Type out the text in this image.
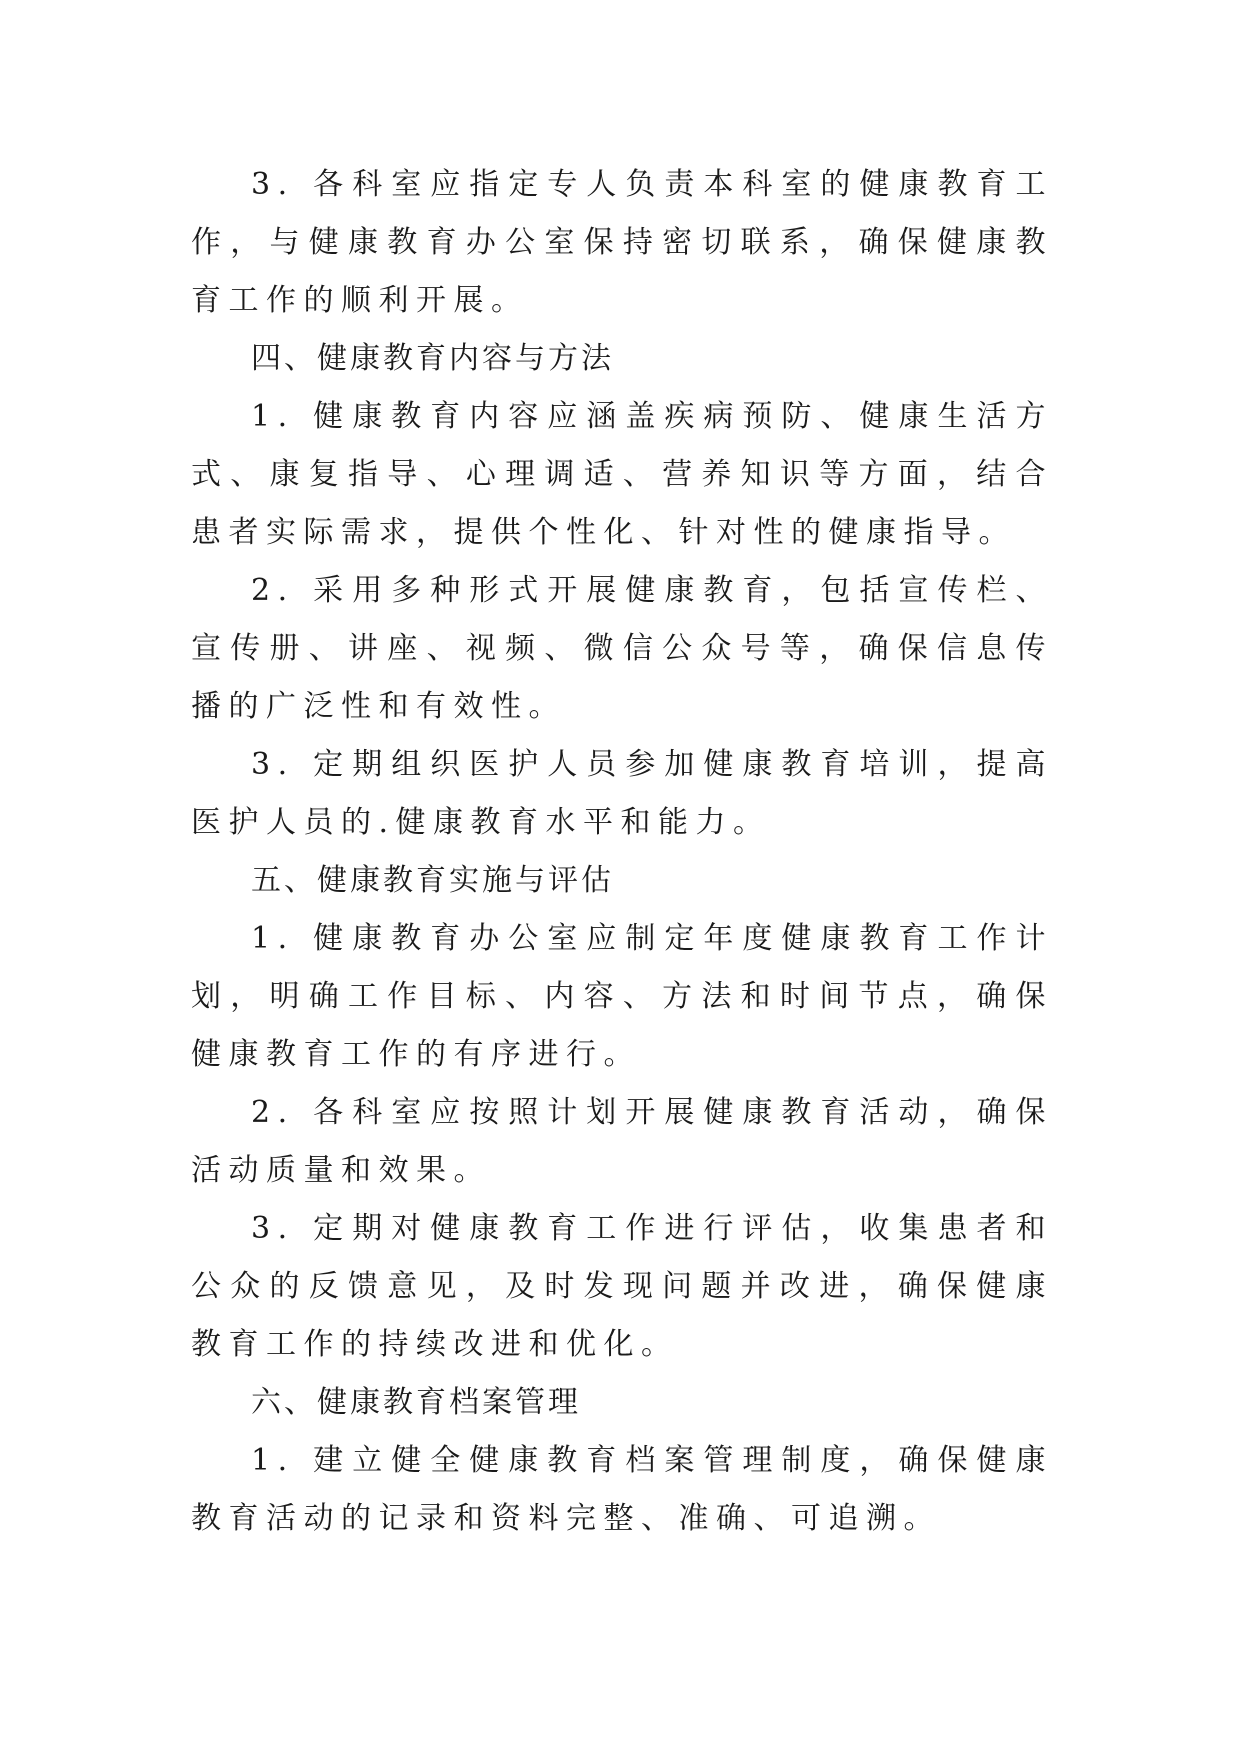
3. 各科室应指定专人负责本科室的健康教育工作，与健康教育办公室保持密切联系，确保健康教育工作的顺利开展。

四、健康教育内容与方法

1. 健康教育内容应涵盖疾病预防、健康生活方式、康复指导、心理调适、营养知识等方面，结合患者实际需求，提供个性化、针对性的健康指导。

2. 采用多种形式开展健康教育，包括宣传栏、宣传册、讲座、视频、微信公众号等，确保信息传播的广泛性和有效性。

3. 定期组织医护人员参加健康教育培训，提高医护人员的.健康教育水平和能力。

五、健康教育实施与评估

1. 健康教育办公室应制定年度健康教育工作计划，明确工作目标、内容、方法和时间节点，确保健康教育工作的有序进行。

2. 各科室应按照计划开展健康教育活动，确保活动质量和效果。

3. 定期对健康教育工作进行评估，收集患者和公众的反馈意见，及时发现问题并改进，确保健康教育工作的持续改进和优化。

六、健康教育档案管理

1. 建立健全健康教育档案管理制度，确保健康教育活动的记录和资料完整、准确、可追溯。
